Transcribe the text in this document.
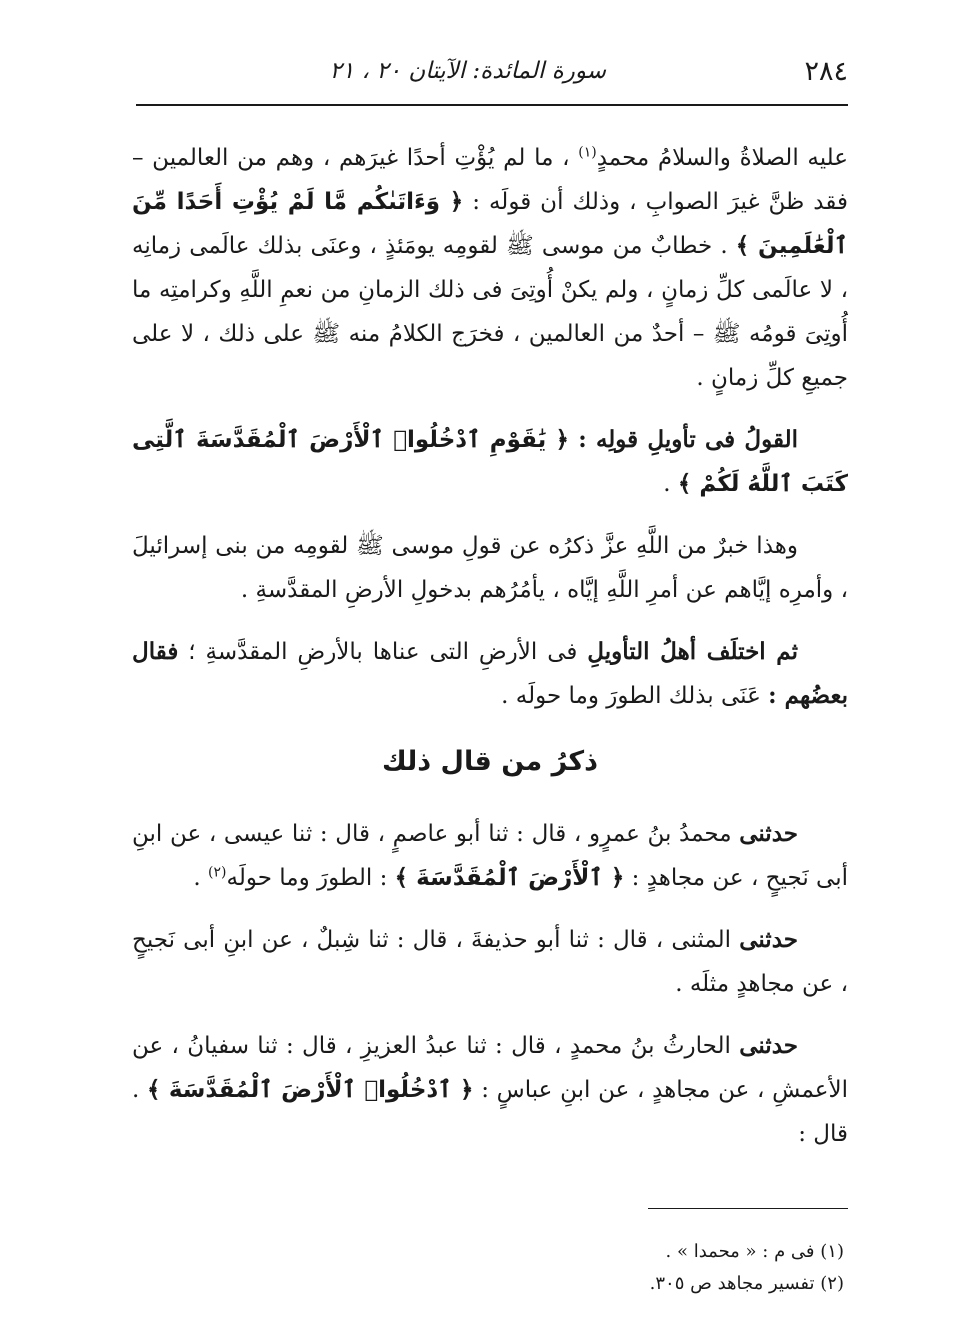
٢٨٤
سورة المائدة: الآيتان ٢٠ ، ٢١

عليه الصلاةُ والسلامُ محمدٍ$^{(١)}$ ، ما لم يُؤْتِ أحدًا غيرَهم ، وهم من العالمين – فقد ظنَّ غيرَ الصوابِ ، وذلك أن قولَه : ﴿ وَءَاتَىٰكُم مَّا لَمْ يُؤْتِ أَحَدًا مِّنَ ٱلْعَٰلَمِينَ ﴾ . خطابٌ من موسى ﷺ لقومِه يومَئذٍ ، وعنَى بذلك عالَمى زمانِه ، لا عالَمى كلِّ زمانٍ ، ولم يكنْ أُوتِىَ فى ذلك الزمانِ من نعمِ اللَّهِ وكرامتِه ما أُوتِىَ قومُه ﷺ – أحدٌ من العالمين ، فخرَج الكلامُ منه ﷺ على ذلك ، لا على جميعِ كلِّ زمانٍ .

القولُ فى تأويلِ قولِه : ﴿ يَٰقَوْمِ ٱدْخُلُوا۟ ٱلْأَرْضَ ٱلْمُقَدَّسَةَ ٱلَّتِى كَتَبَ ٱللَّهُ لَكُمْ ﴾ .

وهذا خبرٌ من اللَّهِ عزَّ ذكرُه عن قولِ موسى ﷺ لقومِه من بنى إسرائيلَ ، وأمرِه إيَّاهم عن أمرِ اللَّهِ إيَّاه ، يأمُرُهم بدخولِ الأرضِ المقدَّسةِ .

ثم اختلَف أهلُ التأويلِ فى الأرضِ التى عناها بالأرضِ المقدَّسةِ ؛ فقال بعضُهم : عَنَى بذلك الطورَ وما حولَه .

ذكرُ من قال ذلك

حدثنى محمدُ بنُ عمرٍو ، قال : ثنا أبو عاصمٍ ، قال : ثنا عيسى ، عن ابنِ أبى نَجيحٍ ، عن مجاهدٍ : ﴿ ٱلْأَرْضَ ٱلْمُقَدَّسَةَ ﴾ : الطورَ وما حولَه$^{(٢)}$ .

حدثنى المثنى ، قال : ثنا أبو حذيفةَ ، قال : ثنا شِبلٌ ، عن ابنِ أبى نَجيحٍ ، عن مجاهدٍ مثلَه .

حدثنى الحارثُ بنُ محمدٍ ، قال : ثنا عبدُ العزيزِ ، قال : ثنا سفيانُ ، عن الأعمشِ ، عن مجاهدٍ ، عن ابنِ عباسٍ : ﴿ ٱدْخُلُوا۟ ٱلْأَرْضَ ٱلْمُقَدَّسَةَ ﴾ . قال :

(١) فى م : « محمدا » .

(٢) تفسير مجاهد ص ٣٠٥.
